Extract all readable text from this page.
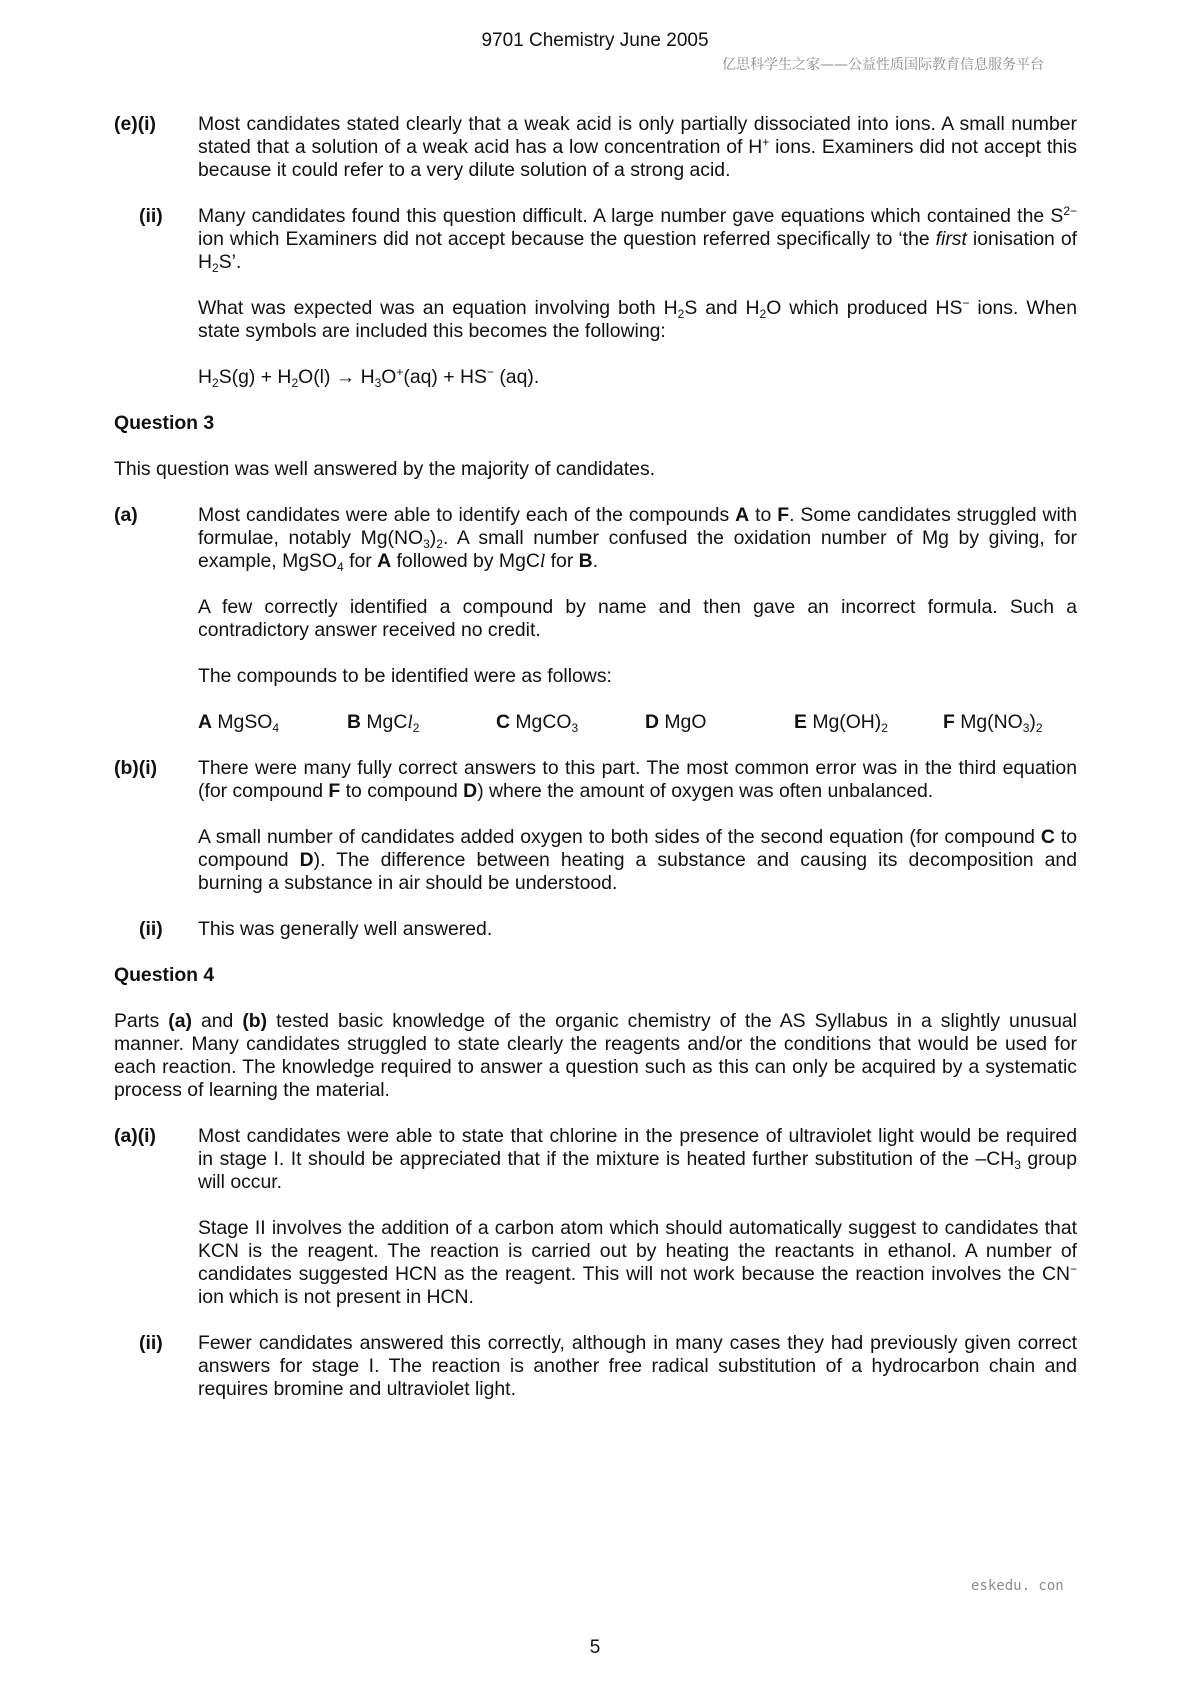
9701 Chemistry June 2005
亿思科学生之家——公益性质国际教育信息服务平台
(e)(i)	Most candidates stated clearly that a weak acid is only partially dissociated into ions. A small number stated that a solution of a weak acid has a low concentration of H+ ions. Examiners did not accept this because it could refer to a very dilute solution of a strong acid.
(ii)	Many candidates found this question difficult. A large number gave equations which contained the $S^{2-}$ ion which Examiners did not accept because the question referred specifically to ‘the first ionisation of $H_2S$’.
What was expected was an equation involving both $H_2S$ and $H_2O$ which produced HS− ions. When state symbols are included this becomes the following:
$H_2S(g) + H_2O(l) \to H_3O^+(aq) + HS^-$ (aq).
Question 3
This question was well answered by the majority of candidates.
(a)	Most candidates were able to identify each of the compounds A to F. Some candidates struggled with formulae, notably $Mg(NO_3)_2$. A small number confused the oxidation number of Mg by giving, for example, MgSO$_4$ for A followed by MgCl for B.
A few correctly identified a compound by name and then gave an incorrect formula. Such a contradictory answer received no credit.
The compounds to be identified were as follows:
A MgSO$_4$	B MgCl$_2$	C MgCO$_3$	D MgO	E $Mg(OH)_2$	F $Mg(NO_3)_2$
(b)(i)	There were many fully correct answers to this part. The most common error was in the third equation (for compound F to compound D) where the amount of oxygen was often unbalanced.
A small number of candidates added oxygen to both sides of the second equation (for compound C to compound D). The difference between heating a substance and causing its decomposition and burning a substance in air should be understood.
(ii)	This was generally well answered.
Question 4
Parts (a) and (b) tested basic knowledge of the organic chemistry of the AS Syllabus in a slightly unusual manner. Many candidates struggled to state clearly the reagents and/or the conditions that would be used for each reaction. The knowledge required to answer a question such as this can only be acquired by a systematic process of learning the material.
(a)(i)	Most candidates were able to state that chlorine in the presence of ultraviolet light would be required in stage I. It should be appreciated that if the mixture is heated further substitution of the $-CH_3$ group will occur.
Stage II involves the addition of a carbon atom which should automatically suggest to candidates that KCN is the reagent. The reaction is carried out by heating the reactants in ethanol. A number of candidates suggested HCN as the reagent. This will not work because the reaction involves the CN− ion which is not present in HCN.
(ii)	Fewer candidates answered this correctly, although in many cases they had previously given correct answers for stage I. The reaction is another free radical substitution of a hydrocarbon chain and requires bromine and ultraviolet light.
eskedu. con
5
